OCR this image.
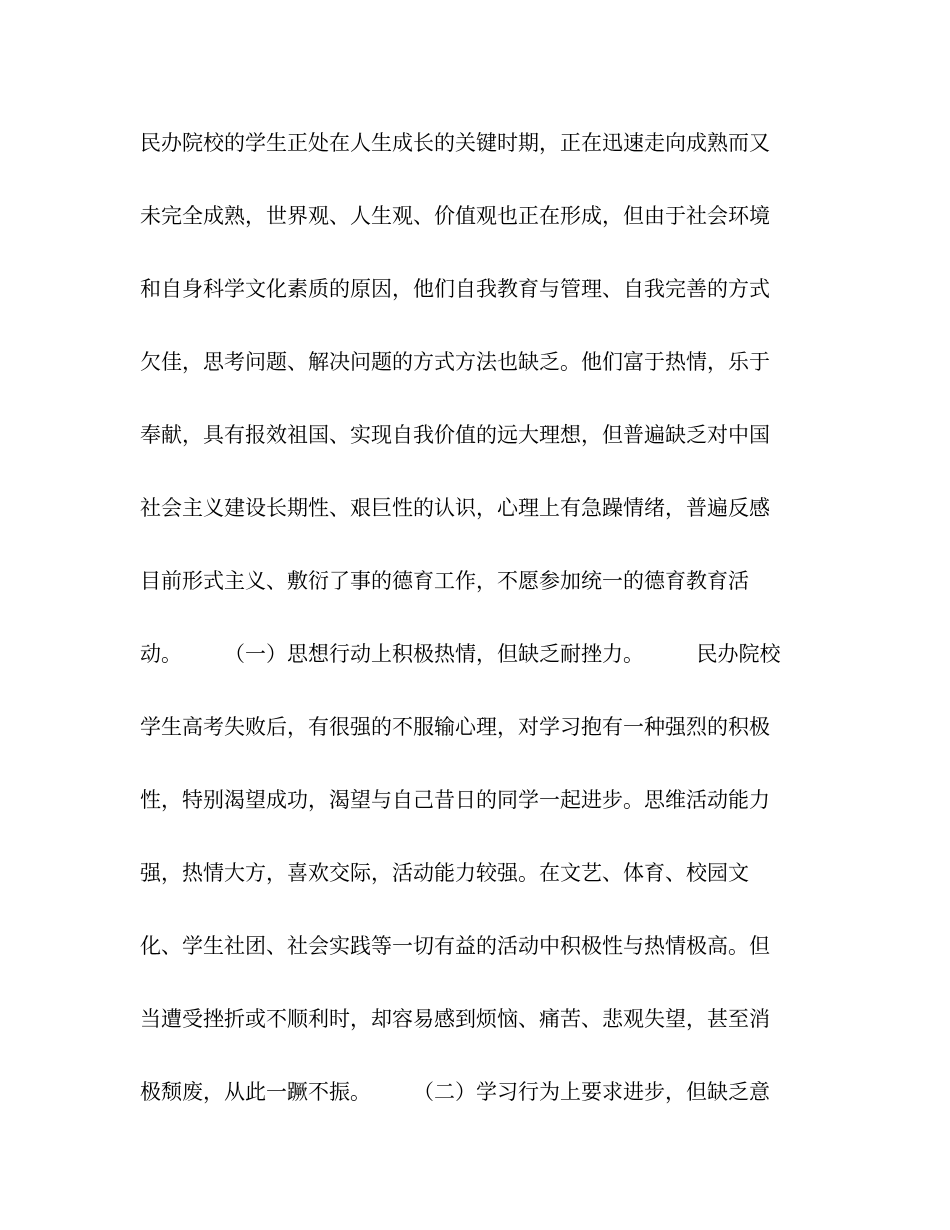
民办院校的学生正处在人生成长的关键时期，正在迅速走向成熟而又
未完全成熟，世界观、人生观、价值观也正在形成，但由于社会环境
和自身科学文化素质的原因，他们自我教育与管理、自我完善的方式
欠佳，思考问题、解决问题的方式方法也缺乏。他们富于热情，乐于
奉献，具有报效祖国、实现自我价值的远大理想，但普遍缺乏对中国
社会主义建设长期性、艰巨性的认识，心理上有急躁情绪，普遍反感
目前形式主义、敷衍了事的德育工作，不愿参加统一的德育教育活
动。　　　（一）思想行动上积极热情，但缺乏耐挫力。　　　民办院校
学生高考失败后，有很强的不服输心理，对学习抱有一种强烈的积极
性，特别渴望成功，渴望与自己昔日的同学一起进步。思维活动能力
强，热情大方，喜欢交际，活动能力较强。在文艺、体育、校园文
化、学生社团、社会实践等一切有益的活动中积极性与热情极高。但
当遭受挫折或不顺利时，却容易感到烦恼、痛苦、悲观失望，甚至消
极颓废，从此一蹶不振。　　　（二）学习行为上要求进步，但缺乏意
